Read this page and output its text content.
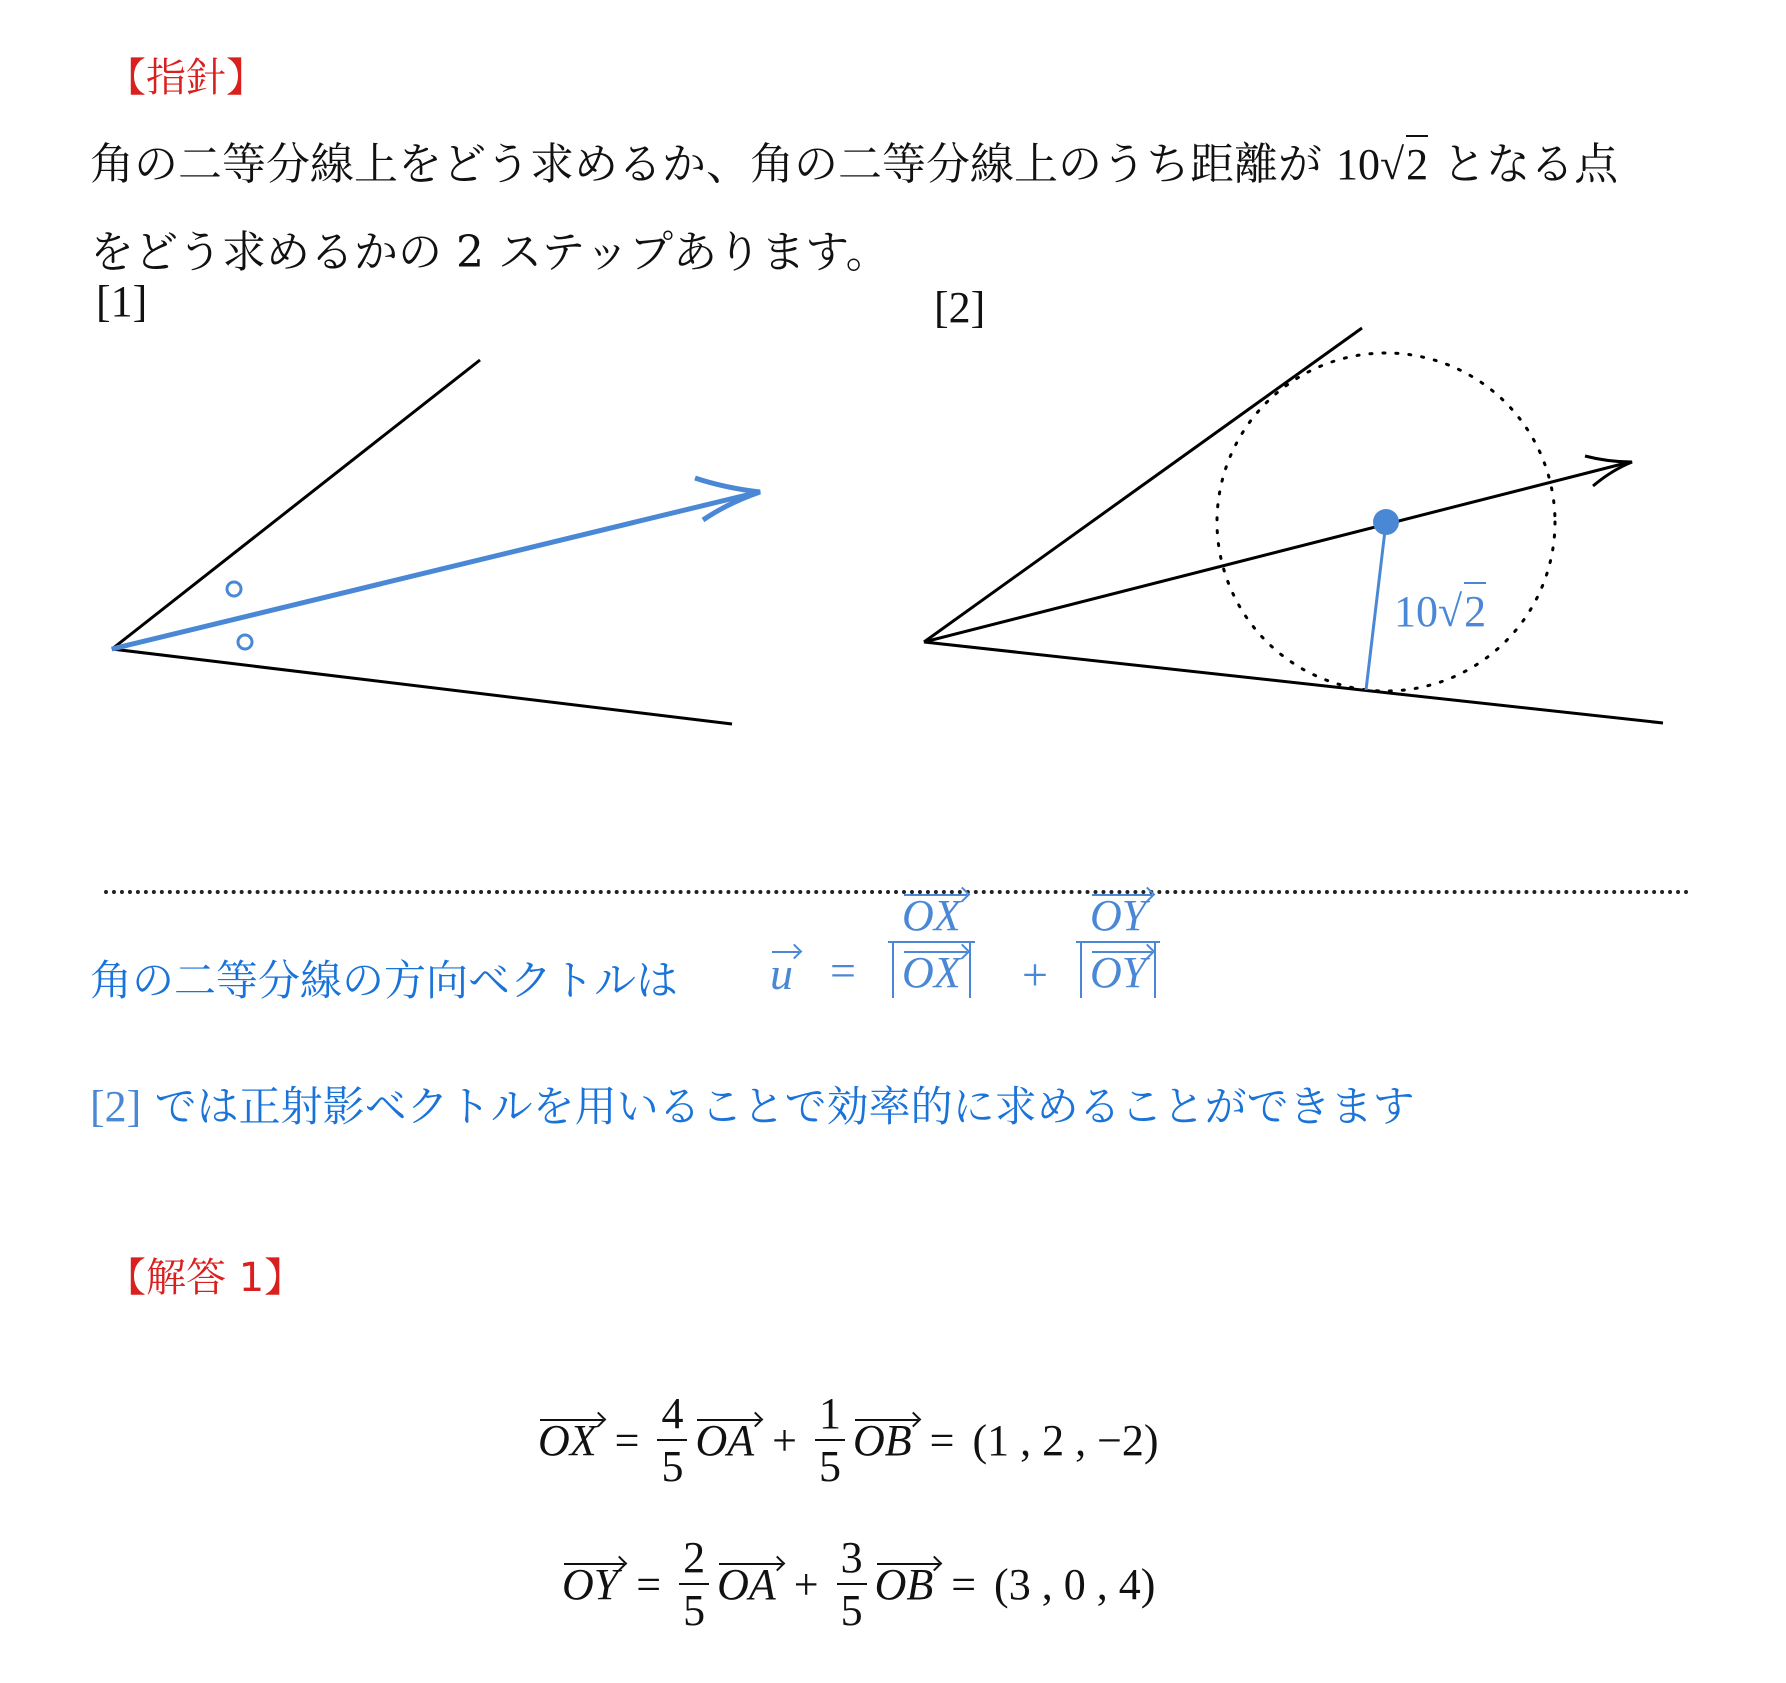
【指針】
角の二等分線上をどう求めるか、角の二等分線上のうち距離が 10√2 となる点
をどう求めるかの 2 ステップあります。
[1]	[2]
10√2
角の二等分線の方向ベクトルは $u = \frac{OX}{OX} + \frac{OY}{OY}$
[2] では正射影ベクトルを用いることで効率的に求めることができます
【解答 1】
OX = $\frac{4}{5}$ OA + $\frac{1}{5}$ OB = (1 , 2 , −2)
OY = $\frac{2}{5}$ OA + $\frac{3}{5}$ OB = (3 , 0 , 4)
